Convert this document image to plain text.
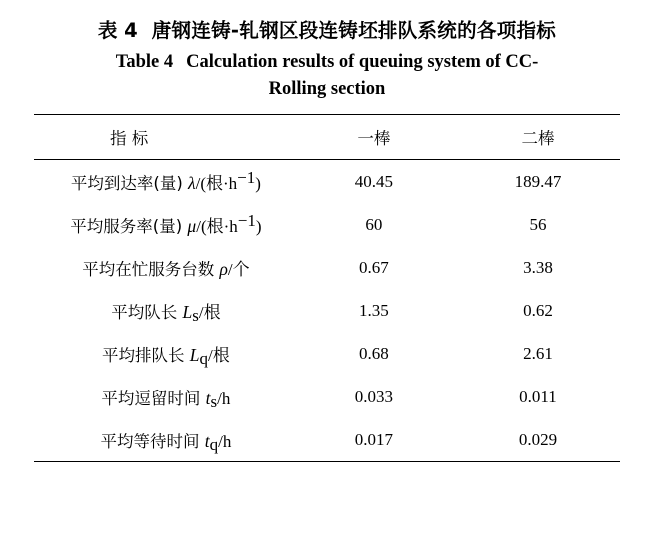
表 4 唐钢连铸-轧钢区段连铸坯排队系统的各项指标
Table 4 Calculation results of queuing system of CC-
Rolling section

指 标	一棒	二棒

平均到达率(量) λ/(根$\cdot h^{-1}$)	40.45	189.47
平均服务率(量) μ/(根$\cdot h^{-1}$)	60	56
平均在忙服务台数 ρ/个	0.67	3.38
平均队长 $L_s/$根	1.35	0.62
平均排队长 $L_q/$根	0.68	2.61
平均逗留时间 $t_s/h$	0.033	0.011
平均等待时间 $t_q/h$	0.017	0.029
